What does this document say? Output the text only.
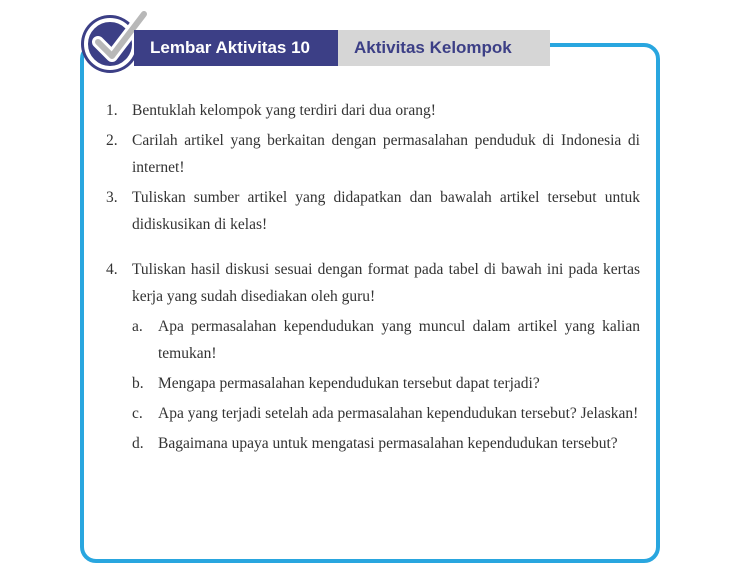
Lembar Aktivitas 10	Aktivitas Kelompok
1. Bentuklah kelompok yang terdiri dari dua orang!
2. Carilah artikel yang berkaitan dengan permasalahan penduduk di Indonesia di internet!
3. Tuliskan sumber artikel yang didapatkan dan bawalah artikel tersebut untuk didiskusikan di kelas!
4. Tuliskan hasil diskusi sesuai dengan format pada tabel di bawah ini pada kertas kerja yang sudah disediakan oleh guru!
a. Apa permasalahan kependudukan yang muncul dalam artikel yang kalian temukan!
b. Mengapa permasalahan kependudukan tersebut dapat terjadi?
c. Apa yang terjadi setelah ada permasalahan kependudukan tersebut? Jelaskan!
d. Bagaimana upaya untuk mengatasi permasalahan kependudukan tersebut?
